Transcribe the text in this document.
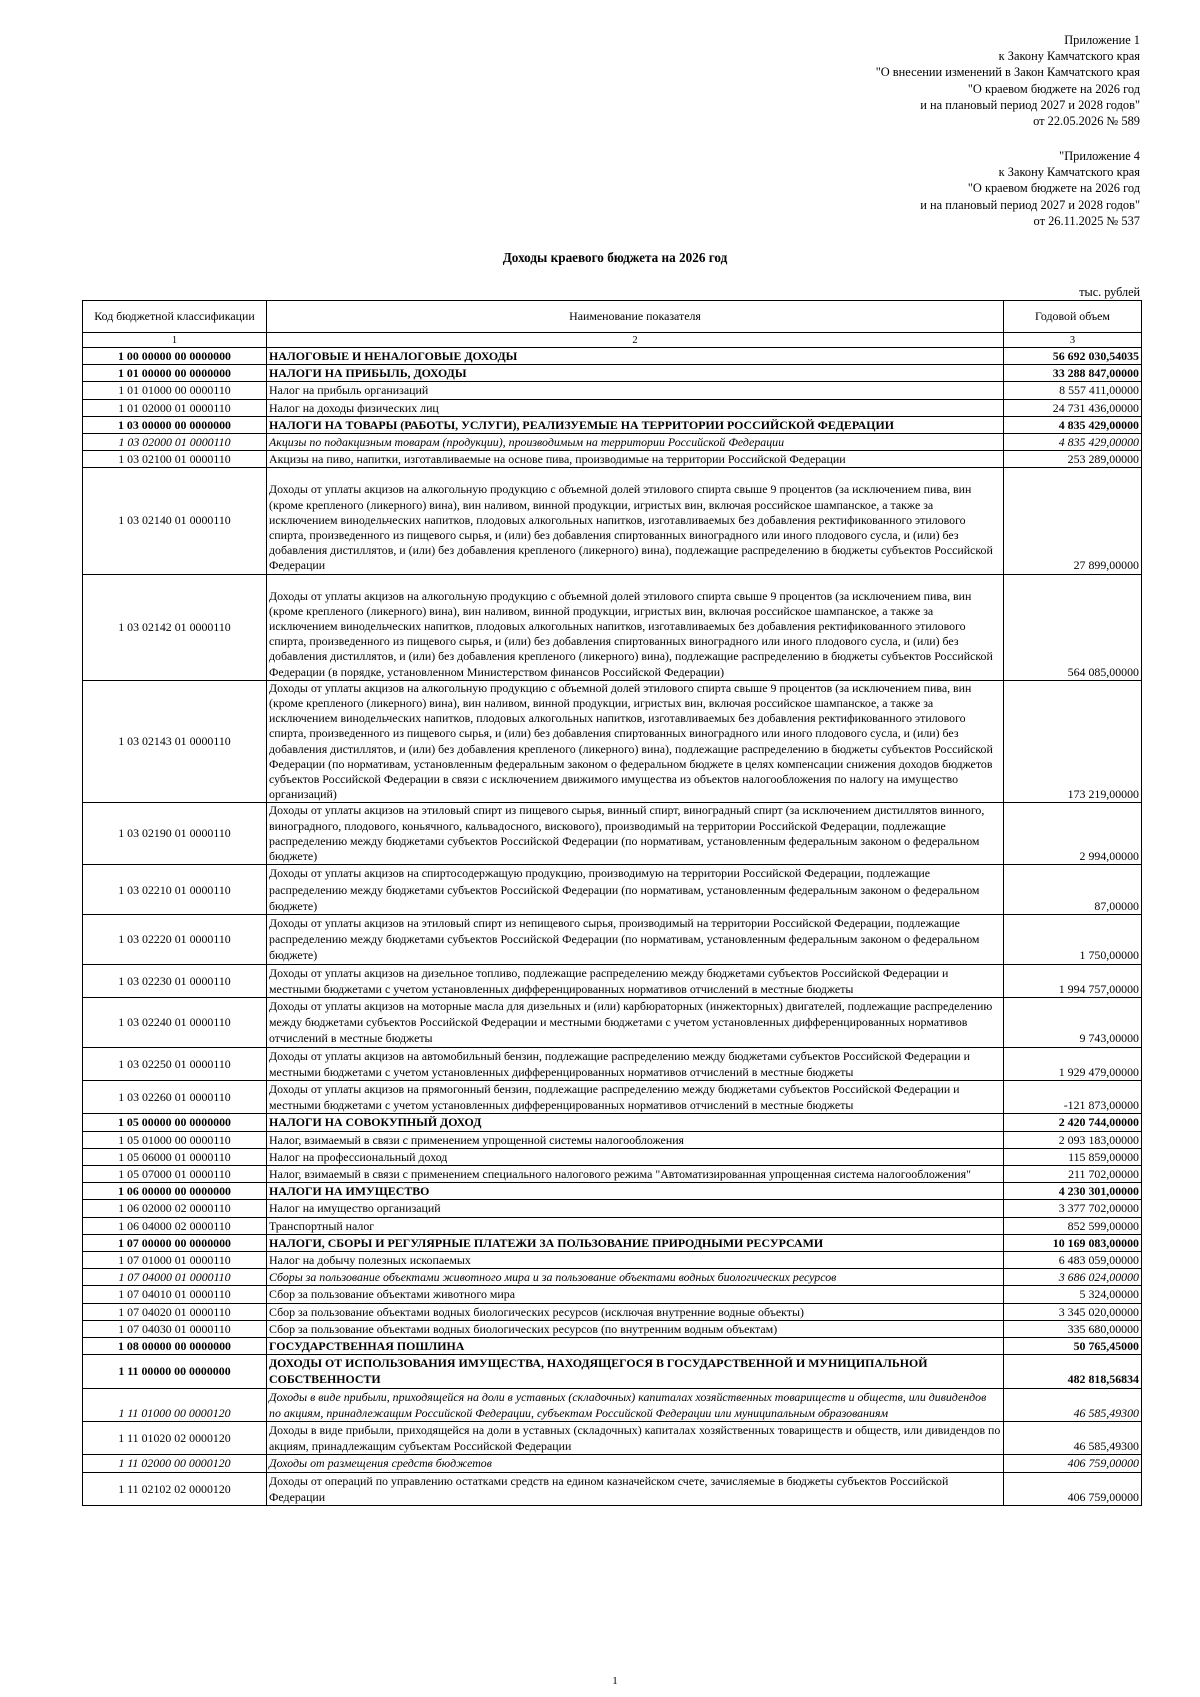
Приложение 1
к Закону Камчатского края
"О внесении изменений в Закон Камчатского края
"О краевом бюджете на 2026 год
и на плановый период 2027 и 2028 годов"
от 22.05.2026 № 589
"Приложение 4
к Закону Камчатского края
"О краевом бюджете на 2026 год
и на плановый период 2027 и 2028 годов"
от 26.11.2025 № 537
Доходы краевого бюджета на 2026 год
тыс. рублей
Код бюджетной классификации	Наименование показателя	Годовой объем
1	2	3
1 00 00000 00 0000000	НАЛОГОВЫЕ И НЕНАЛОГОВЫЕ ДОХОДЫ	56 692 030,54035
1 01 00000 00 0000000	НАЛОГИ НА ПРИБЫЛЬ, ДОХОДЫ	33 288 847,00000
1 01 01000 00 0000110	Налог на прибыль организаций	8 557 411,00000
1 01 02000 01 0000110	Налог на доходы физических лиц	24 731 436,00000
1 03 00000 00 0000000	НАЛОГИ НА ТОВАРЫ (РАБОТЫ, УСЛУГИ), РЕАЛИЗУЕМЫЕ НА ТЕРРИТОРИИ РОССИЙСКОЙ ФЕДЕРАЦИИ	4 835 429,00000
1 03 02000 01 0000110	Акцизы по подакцизным товарам (продукции), производимым на территории Российской Федерации	4 835 429,00000
1 03 02100 01 0000110	Акцизы на пиво, напитки, изготавливаемые на основе пива, производимые на территории Российской Федерации	253 289,00000
1 03 02140 01 0000110	Доходы от уплаты акцизов на алкогольную продукцию с объемной долей этилового спирта свыше 9 процентов (за исключением пива, вин (кроме крепленого (ликерного) вина), вин наливом, винной продукции, игристых вин, включая российское шампанское, а также за исключением винодельческих напитков, плодовых алкогольных напитков, изготавливаемых без добавления ректификованного этилового спирта, произведенного из пищевого сырья, и (или) без добавления спиртованных виноградного или иного плодового сусла, и (или) без добавления дистиллятов, и (или) без добавления крепленого (ликерного) вина), подлежащие распределению в бюджеты субъектов Российской Федерации	27 899,00000
1 03 02142 01 0000110	Доходы от уплаты акцизов на алкогольную продукцию с объемной долей этилового спирта свыше 9 процентов (за исключением пива, вин (кроме крепленого (ликерного) вина), вин наливом, винной продукции, игристых вин, включая российское шампанское, а также за исключением винодельческих напитков, плодовых алкогольных напитков, изготавливаемых без добавления ректификованного этилового спирта, произведенного из пищевого сырья, и (или) без добавления спиртованных виноградного или иного плодового сусла, и (или) без добавления дистиллятов, и (или) без добавления крепленого (ликерного) вина), подлежащие распределению в бюджеты субъектов Российской Федерации (в порядке, установленном Министерством финансов Российской Федерации)	564 085,00000
1 03 02143 01 0000110	Доходы от уплаты акцизов на алкогольную продукцию с объемной долей этилового спирта свыше 9 процентов (за исключением пива, вин (кроме крепленого (ликерного) вина), вин наливом, винной продукции, игристых вин, включая российское шампанское, а также за исключением винодельческих напитков, плодовых алкогольных напитков, изготавливаемых без добавления ректификованного этилового спирта, произведенного из пищевого сырья, и (или) без добавления спиртованных виноградного или иного плодового сусла, и (или) без добавления дистиллятов, и (или) без добавления крепленого (ликерного) вина), подлежащие распределению в бюджеты субъектов Российской Федерации (по нормативам, установленным федеральным законом о федеральном бюджете в целях компенсации снижения доходов бюджетов субъектов Российской Федерации в связи с исключением движимого имущества из объектов налогообложения по налогу на имущество организаций)	173 219,00000
1 03 02190 01 0000110	Доходы от уплаты акцизов на этиловый спирт из пищевого сырья, винный спирт, виноградный спирт (за исключением дистиллятов винного, виноградного, плодового, коньячного, кальвадосного, вискового), производимый на территории Российской Федерации, подлежащие распределению между бюджетами субъектов Российской Федерации (по нормативам, установленным федеральным законом о федеральном бюджете)	2 994,00000
1 03 02210 01 0000110	Доходы от уплаты акцизов на спиртосодержащую продукцию, производимую на территории Российской Федерации, подлежащие распределению между бюджетами субъектов Российской Федерации (по нормативам, установленным федеральным законом о федеральном бюджете)	87,00000
1 03 02220 01 0000110	Доходы от уплаты акцизов на этиловый спирт из непищевого сырья, производимый на территории Российской Федерации, подлежащие распределению между бюджетами субъектов Российской Федерации (по нормативам, установленным федеральным законом о федеральном бюджете)	1 750,00000
1 03 02230 01 0000110	Доходы от уплаты акцизов на дизельное топливо, подлежащие распределению между бюджетами субъектов Российской Федерации и местными бюджетами с учетом установленных дифференцированных нормативов отчислений в местные бюджеты	1 994 757,00000
1 03 02240 01 0000110	Доходы от уплаты акцизов на моторные масла для дизельных и (или) карбюраторных (инжекторных) двигателей, подлежащие распределению между бюджетами субъектов Российской Федерации и местными бюджетами с учетом установленных дифференцированных нормативов отчислений в местные бюджеты	9 743,00000
1 03 02250 01 0000110	Доходы от уплаты акцизов на автомобильный бензин, подлежащие распределению между бюджетами субъектов Российской Федерации и местными бюджетами с учетом установленных дифференцированных нормативов отчислений в местные бюджеты	1 929 479,00000
1 03 02260 01 0000110	Доходы от уплаты акцизов на прямогонный бензин, подлежащие распределению между бюджетами субъектов Российской Федерации и местными бюджетами с учетом установленных дифференцированных нормативов отчислений в местные бюджеты	-121 873,00000
1 05 00000 00 0000000	НАЛОГИ НА СОВОКУПНЫЙ ДОХОД	2 420 744,00000
1 05 01000 00 0000110	Налог, взимаемый в связи с применением упрощенной системы налогообложения	2 093 183,00000
1 05 06000 01 0000110	Налог на профессиональный доход	115 859,00000
1 05 07000 01 0000110	Налог, взимаемый в связи с применением специального налогового режима "Автоматизированная упрощенная система налогообложения"	211 702,00000
1 06 00000 00 0000000	НАЛОГИ НА ИМУЩЕСТВО	4 230 301,00000
1 06 02000 02 0000110	Налог на имущество организаций	3 377 702,00000
1 06 04000 02 0000110	Транспортный налог	852 599,00000
1 07 00000 00 0000000	НАЛОГИ, СБОРЫ И РЕГУЛЯРНЫЕ ПЛАТЕЖИ ЗА ПОЛЬЗОВАНИЕ ПРИРОДНЫМИ РЕСУРСАМИ	10 169 083,00000
1 07 01000 01 0000110	Налог на добычу полезных ископаемых	6 483 059,00000
1 07 04000 01 0000110	Сборы за пользование объектами животного мира и за пользование объектами водных биологических ресурсов	3 686 024,00000
1 07 04010 01 0000110	Сбор за пользование объектами животного мира	5 324,00000
1 07 04020 01 0000110	Сбор за пользование объектами водных биологических ресурсов (исключая внутренние водные объекты)	3 345 020,00000
1 07 04030 01 0000110	Сбор за пользование объектами водных биологических ресурсов (по внутренним водным объектам)	335 680,00000
1 08 00000 00 0000000	ГОСУДАРСТВЕННАЯ ПОШЛИНА	50 765,45000
1 11 00000 00 0000000	ДОХОДЫ ОТ ИСПОЛЬЗОВАНИЯ ИМУЩЕСТВА, НАХОДЯЩЕГОСЯ В ГОСУДАРСТВЕННОЙ И МУНИЦИПАЛЬНОЙ СОБСТВЕННОСТИ	482 818,56834
1 11 01000 00 0000120	Доходы в виде прибыли, приходящейся на доли в уставных (складочных) капиталах хозяйственных товариществ и обществ, или дивидендов по акциям, принадлежащим Российской Федерации, субъектам Российской Федерации или муниципальным образованиям	46 585,49300
1 11 01020 02 0000120	Доходы в виде прибыли, приходящейся на доли в уставных (складочных) капиталах хозяйственных товариществ и обществ, или дивидендов по акциям, принадлежащим субъектам Российской Федерации	46 585,49300
1 11 02000 00 0000120	Доходы от размещения средств бюджетов	406 759,00000
1 11 02102 02 0000120	Доходы от операций по управлению остатками средств на едином казначейском счете, зачисляемые в бюджеты субъектов Российской Федерации	406 759,00000
1
